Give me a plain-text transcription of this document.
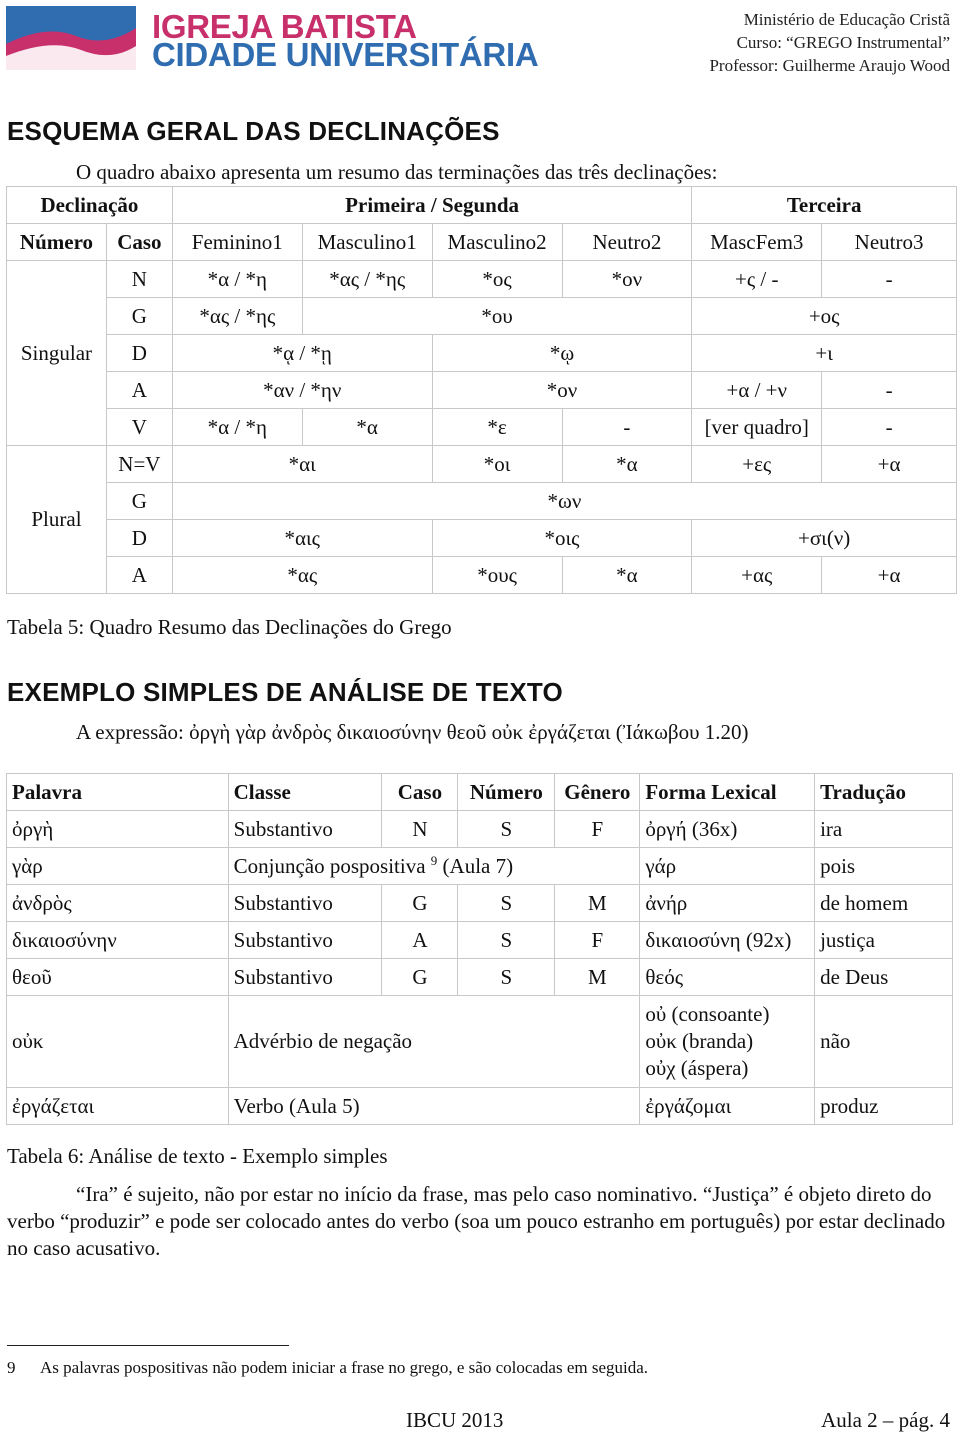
IGREJA BATISTA
CIDADE UNIVERSITÁRIA
Ministério de Educação Cristã
Curso: “GREGO Instrumental”
Professor: Guilherme Araujo Wood
ESQUEMA GERAL DAS DECLINAÇÕES
O quadro abaixo apresenta um resumo das terminações das três declinações:
Declinação		Primeira / Segunda				Terceira	
Número	Caso	Feminino1	Masculino1	Masculino2	Neutro2	MascFem3	Neutro3
Singular	N	*α / *η	*ας / *ης	*ος	*ον	+ς / -	-
	G	*ας / *ης	*ου			+ος	
	D	*ᾳ / *ῃ		*ῳ		+ι	
	A	*αν / *ην		*ον		+α / +ν	-
	V	*α / *η	*α	*ε	-	[ver quadro]	-
Plural	N=V	*αι		*οι	*α	+ες	+α
	G	*ων					
	D	*αις		*οις		+σι(ν)	
	A	*ας		*ους	*α	+ας	+α
Tabela 5: Quadro Resumo das Declinações do Grego
EXEMPLO SIMPLES DE ANÁLISE DE TEXTO
A expressão: ὀργὴ γὰρ ἀνδρὸς δικαιοσύνην θεοῦ οὐκ ἐργάζεται (Ἰάκωβου 1.20)
Palavra	Classe	Caso	Número	Gênero	Forma Lexical	Tradução
ὀργὴ	Substantivo	N	S	F	ὀργή (36x)	ira
γὰρ	Conjunção pospositiva $^9$ (Aula 7)				γάρ	pois
ἀνδρὸς	Substantivo	G	S	M	ἀνήρ	de homem
δικαιοσύνην	Substantivo	A	S	F	δικαιοσύνη (92x)	justiça
θεοῦ	Substantivo	G	S	M	θεός	de Deus
οὐκ	Advérbio de negação				οὐ (consoante)
οὐκ (branda)
οὐχ (áspera)	não
ἐργάζεται	Verbo (Aula 5)				ἐργάζομαι	produz
Tabela 6: Análise de texto - Exemplo simples
“Ira” é sujeito, não por estar no início da frase, mas pelo caso nominativo. “Justiça” é objeto direto do verbo “produzir” e pode ser colocado antes do verbo (soa um pouco estranho em português) por estar declinado no caso acusativo.
9 As palavras pospositivas não podem iniciar a frase no grego, e são colocadas em seguida.
IBCU 2013	Aula 2 – pág. 4
